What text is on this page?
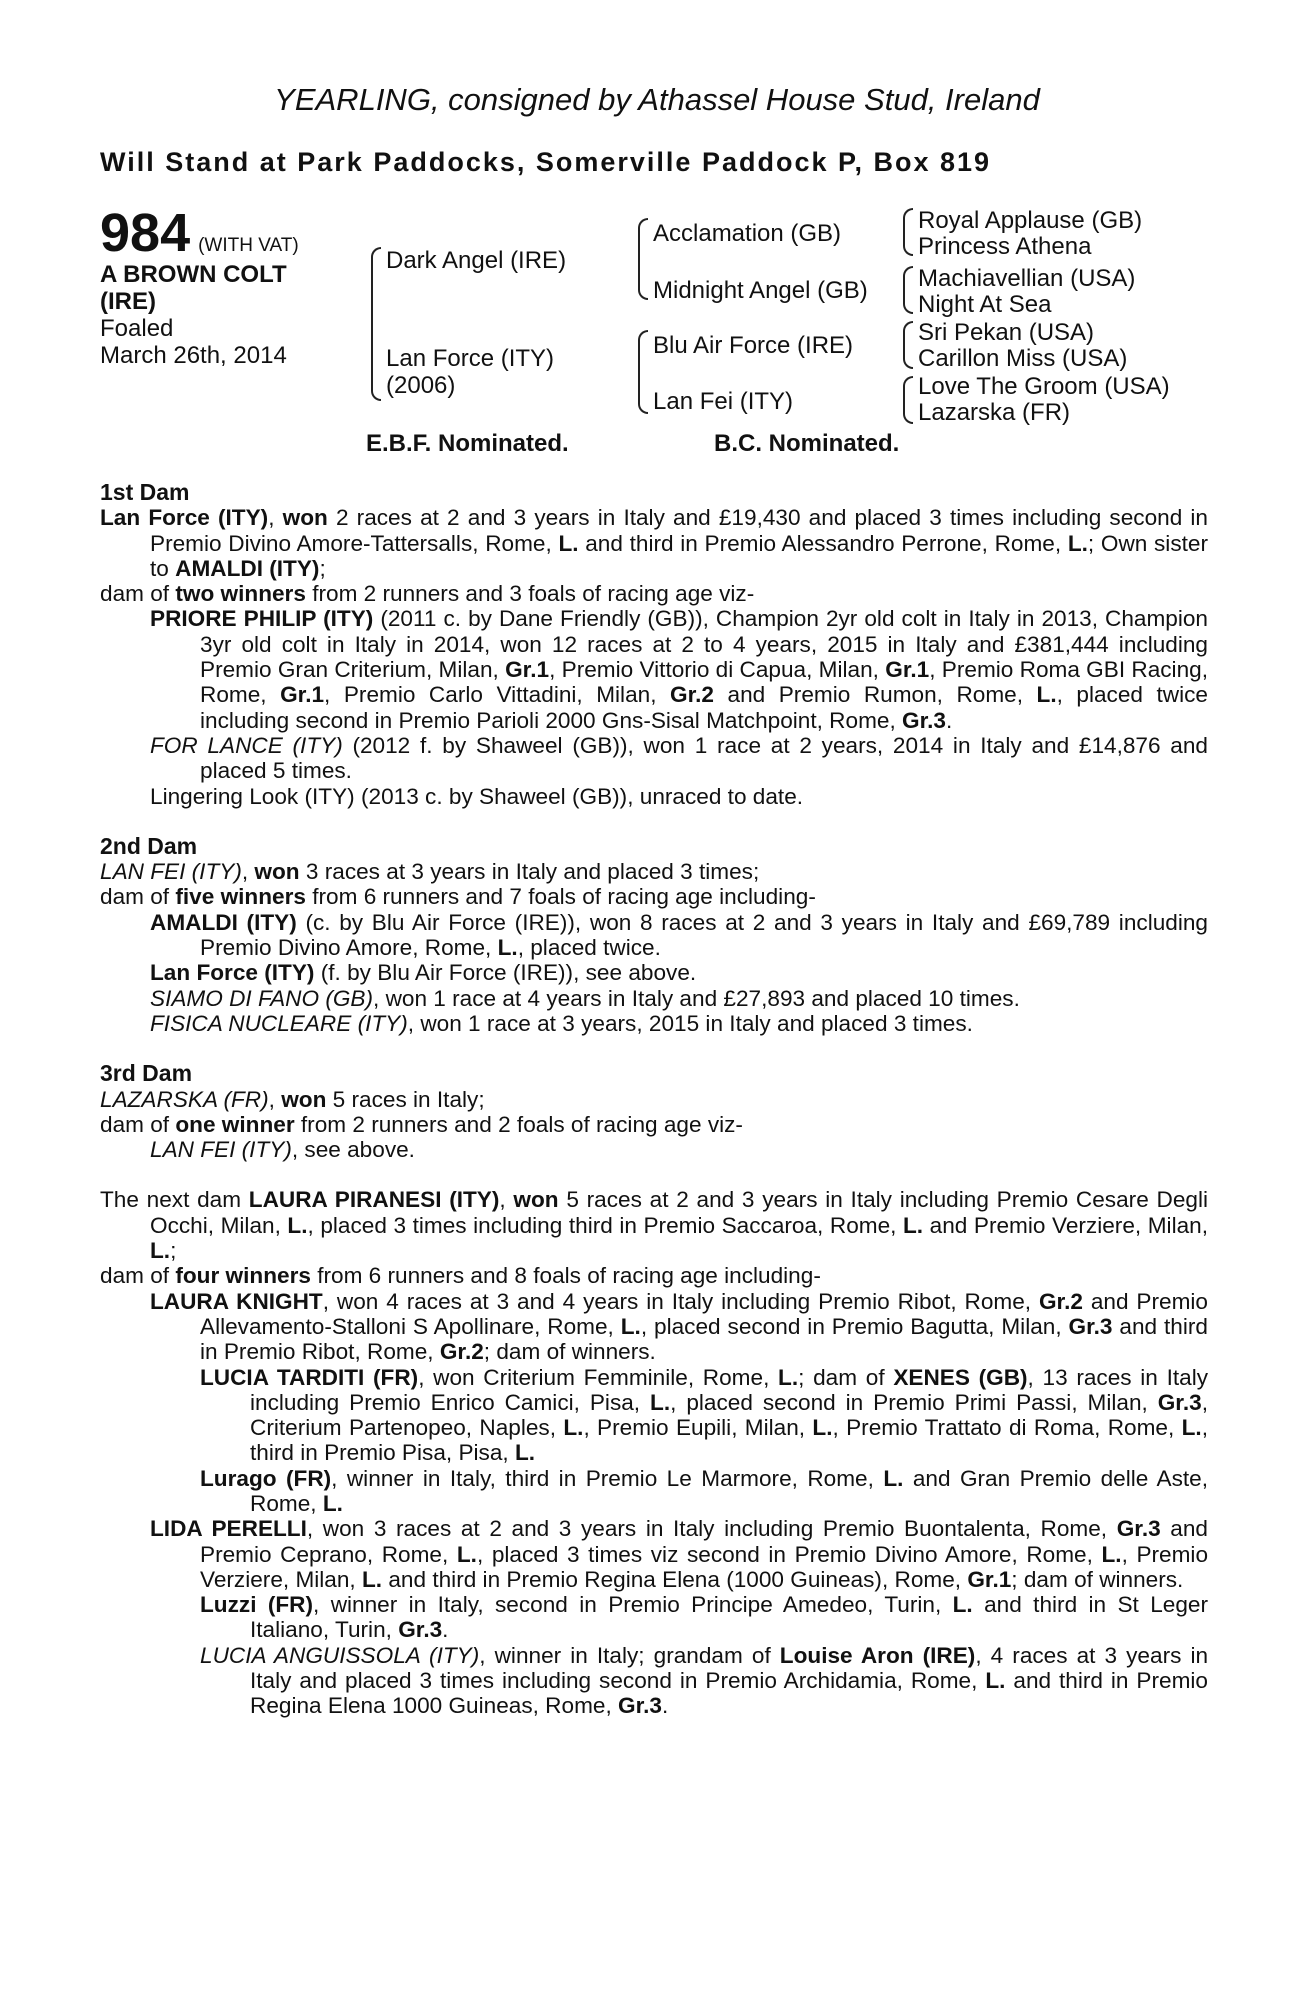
YEARLING, consigned by Athassel House Stud, Ireland
Will Stand at Park Paddocks, Somerville Paddock P, Box 819
984 (WITH VAT)
A BROWN COLT
(IRE)
Foaled
March 26th, 2014
Dark Angel (IRE)
Lan Force (ITY)
(2006)
Acclamation (GB)
Midnight Angel (GB)
Blu Air Force (IRE)
Lan Fei (ITY)
Royal Applause (GB)
Princess Athena
Machiavellian (USA)
Night At Sea
Sri Pekan (USA)
Carillon Miss (USA)
Love The Groom (USA)
Lazarska (FR)
E.B.F. Nominated.	B.C. Nominated.
1st Dam
Lan Force (ITY), won 2 races at 2 and 3 years in Italy and £19,430 and placed 3 times including second in Premio Divino Amore-Tattersalls, Rome, L. and third in Premio Alessandro Perrone, Rome, L.; Own sister to AMALDI (ITY);
dam of two winners from 2 runners and 3 foals of racing age viz-
PRIORE PHILIP (ITY) (2011 c. by Dane Friendly (GB)), Champion 2yr old colt in Italy in 2013, Champion 3yr old colt in Italy in 2014, won 12 races at 2 to 4 years, 2015 in Italy and £381,444 including Premio Gran Criterium, Milan, Gr.1, Premio Vittorio di Capua, Milan, Gr.1, Premio Roma GBI Racing, Rome, Gr.1, Premio Carlo Vittadini, Milan, Gr.2 and Premio Rumon, Rome, L., placed twice including second in Premio Parioli 2000 Gns-Sisal Matchpoint, Rome, Gr.3.
FOR LANCE (ITY) (2012 f. by Shaweel (GB)), won 1 race at 2 years, 2014 in Italy and £14,876 and placed 5 times.
Lingering Look (ITY) (2013 c. by Shaweel (GB)), unraced to date.
2nd Dam
LAN FEI (ITY), won 3 races at 3 years in Italy and placed 3 times;
dam of five winners from 6 runners and 7 foals of racing age including-
AMALDI (ITY) (c. by Blu Air Force (IRE)), won 8 races at 2 and 3 years in Italy and £69,789 including Premio Divino Amore, Rome, L., placed twice.
Lan Force (ITY) (f. by Blu Air Force (IRE)), see above.
SIAMO DI FANO (GB), won 1 race at 4 years in Italy and £27,893 and placed 10 times.
FISICA NUCLEARE (ITY), won 1 race at 3 years, 2015 in Italy and placed 3 times.
3rd Dam
LAZARSKA (FR), won 5 races in Italy;
dam of one winner from 2 runners and 2 foals of racing age viz-
LAN FEI (ITY), see above.
The next dam LAURA PIRANESI (ITY), won 5 races at 2 and 3 years in Italy including Premio Cesare Degli Occhi, Milan, L., placed 3 times including third in Premio Saccaroa, Rome, L. and Premio Verziere, Milan, L.;
dam of four winners from 6 runners and 8 foals of racing age including-
LAURA KNIGHT, won 4 races at 3 and 4 years in Italy including Premio Ribot, Rome, Gr.2 and Premio Allevamento-Stalloni S Apollinare, Rome, L., placed second in Premio Bagutta, Milan, Gr.3 and third in Premio Ribot, Rome, Gr.2; dam of winners.
LUCIA TARDITI (FR), won Criterium Femminile, Rome, L.; dam of XENES (GB), 13 races in Italy including Premio Enrico Camici, Pisa, L., placed second in Premio Primi Passi, Milan, Gr.3, Criterium Partenopeo, Naples, L., Premio Eupili, Milan, L., Premio Trattato di Roma, Rome, L., third in Premio Pisa, Pisa, L.
Lurago (FR), winner in Italy, third in Premio Le Marmore, Rome, L. and Gran Premio delle Aste, Rome, L.
LIDA PERELLI, won 3 races at 2 and 3 years in Italy including Premio Buontalenta, Rome, Gr.3 and Premio Ceprano, Rome, L., placed 3 times viz second in Premio Divino Amore, Rome, L., Premio Verziere, Milan, L. and third in Premio Regina Elena (1000 Guineas), Rome, Gr.1; dam of winners.
Luzzi (FR), winner in Italy, second in Premio Principe Amedeo, Turin, L. and third in St Leger Italiano, Turin, Gr.3.
LUCIA ANGUISSOLA (ITY), winner in Italy; grandam of Louise Aron (IRE), 4 races at 3 years in Italy and placed 3 times including second in Premio Archidamia, Rome, L. and third in Premio Regina Elena 1000 Guineas, Rome, Gr.3.
